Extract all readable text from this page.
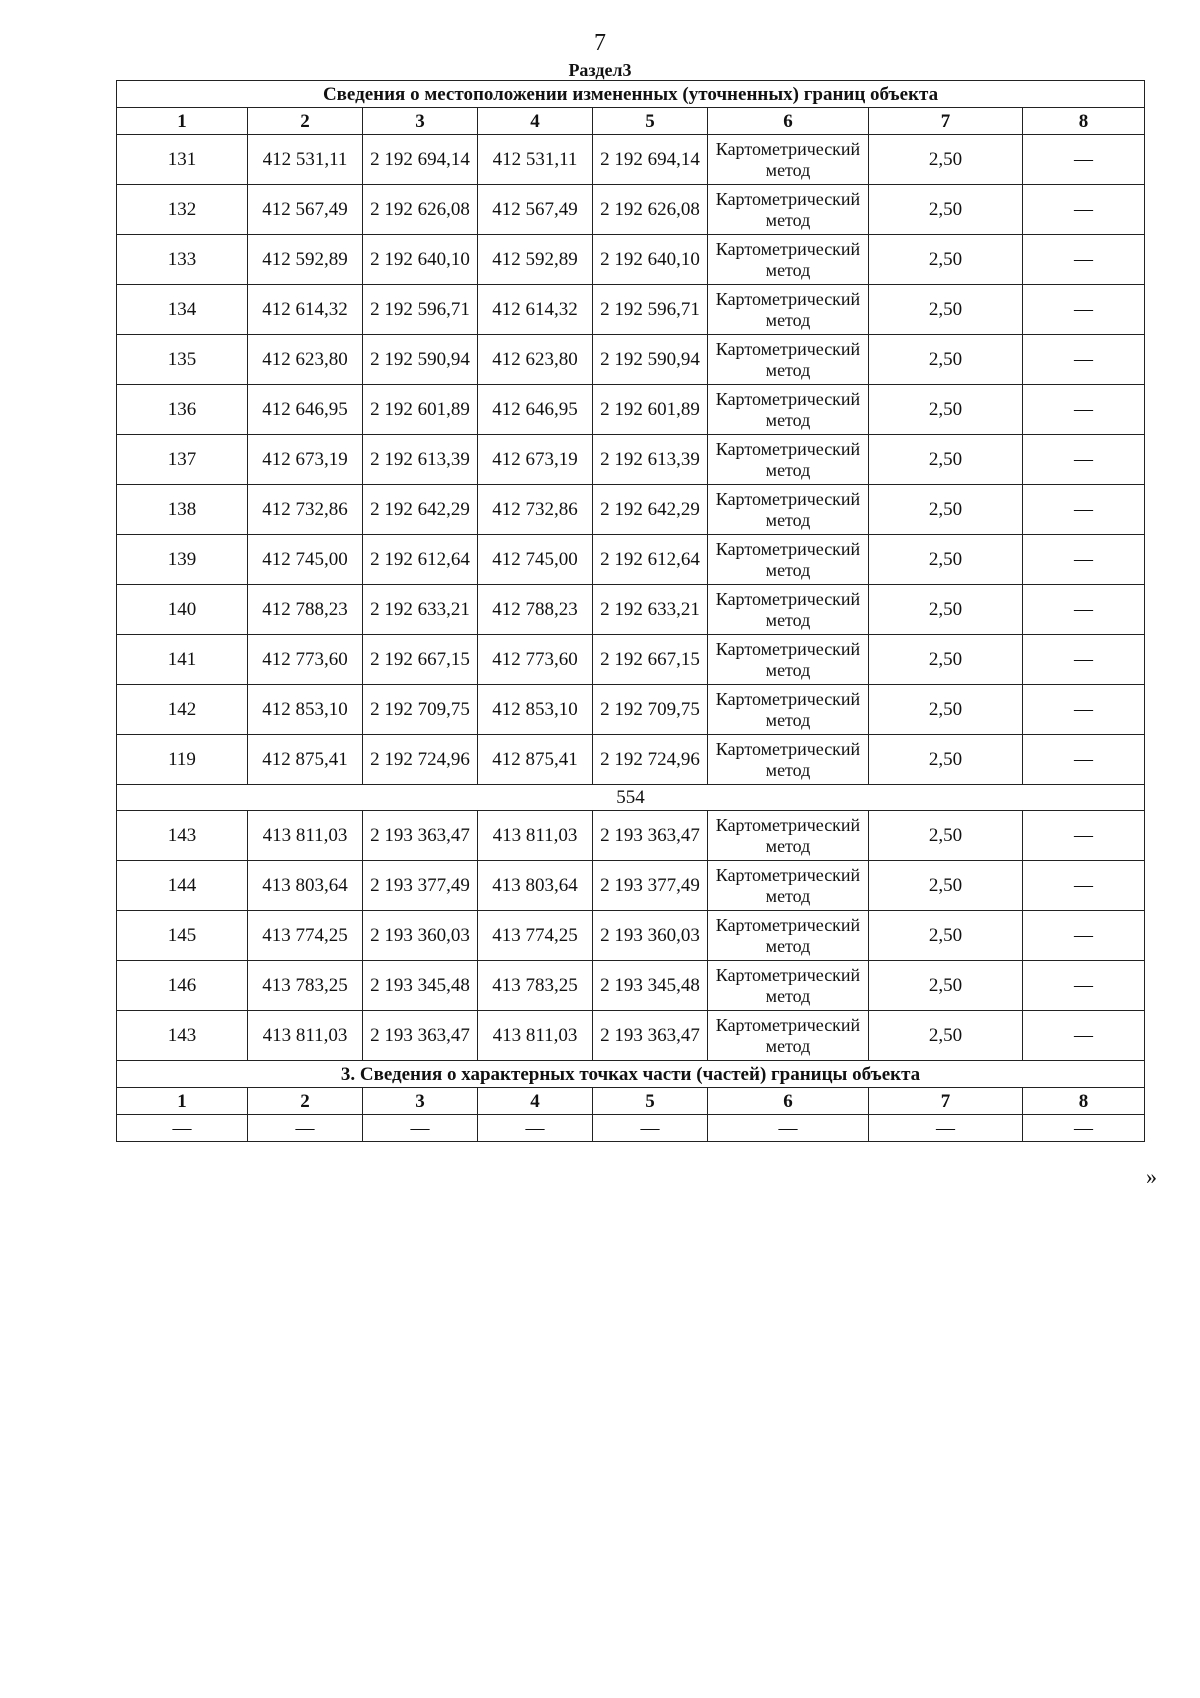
7
Раздел3
Сведения о местоположении измененных (уточненных) границ объекта							
1	2	3	4	5	6	7	8
131	412 531,11	2 192 694,14	412 531,11	2 192 694,14	Картометрический метод	2,50	—
132	412 567,49	2 192 626,08	412 567,49	2 192 626,08	Картометрический метод	2,50	—
133	412 592,89	2 192 640,10	412 592,89	2 192 640,10	Картометрический метод	2,50	—
134	412 614,32	2 192 596,71	412 614,32	2 192 596,71	Картометрический метод	2,50	—
135	412 623,80	2 192 590,94	412 623,80	2 192 590,94	Картометрический метод	2,50	—
136	412 646,95	2 192 601,89	412 646,95	2 192 601,89	Картометрический метод	2,50	—
137	412 673,19	2 192 613,39	412 673,19	2 192 613,39	Картометрический метод	2,50	—
138	412 732,86	2 192 642,29	412 732,86	2 192 642,29	Картометрический метод	2,50	—
139	412 745,00	2 192 612,64	412 745,00	2 192 612,64	Картометрический метод	2,50	—
140	412 788,23	2 192 633,21	412 788,23	2 192 633,21	Картометрический метод	2,50	—
141	412 773,60	2 192 667,15	412 773,60	2 192 667,15	Картометрический метод	2,50	—
142	412 853,10	2 192 709,75	412 853,10	2 192 709,75	Картометрический метод	2,50	—
119	412 875,41	2 192 724,96	412 875,41	2 192 724,96	Картометрический метод	2,50	—
554							
143	413 811,03	2 193 363,47	413 811,03	2 193 363,47	Картометрический метод	2,50	—
144	413 803,64	2 193 377,49	413 803,64	2 193 377,49	Картометрический метод	2,50	—
145	413 774,25	2 193 360,03	413 774,25	2 193 360,03	Картометрический метод	2,50	—
146	413 783,25	2 193 345,48	413 783,25	2 193 345,48	Картометрический метод	2,50	—
143	413 811,03	2 193 363,47	413 811,03	2 193 363,47	Картометрический метод	2,50	—
3. Сведения о характерных точках части (частей) границы объекта							
1	2	3	4	5	6	7	8
—	—	—	—	—	—	—	—
»
